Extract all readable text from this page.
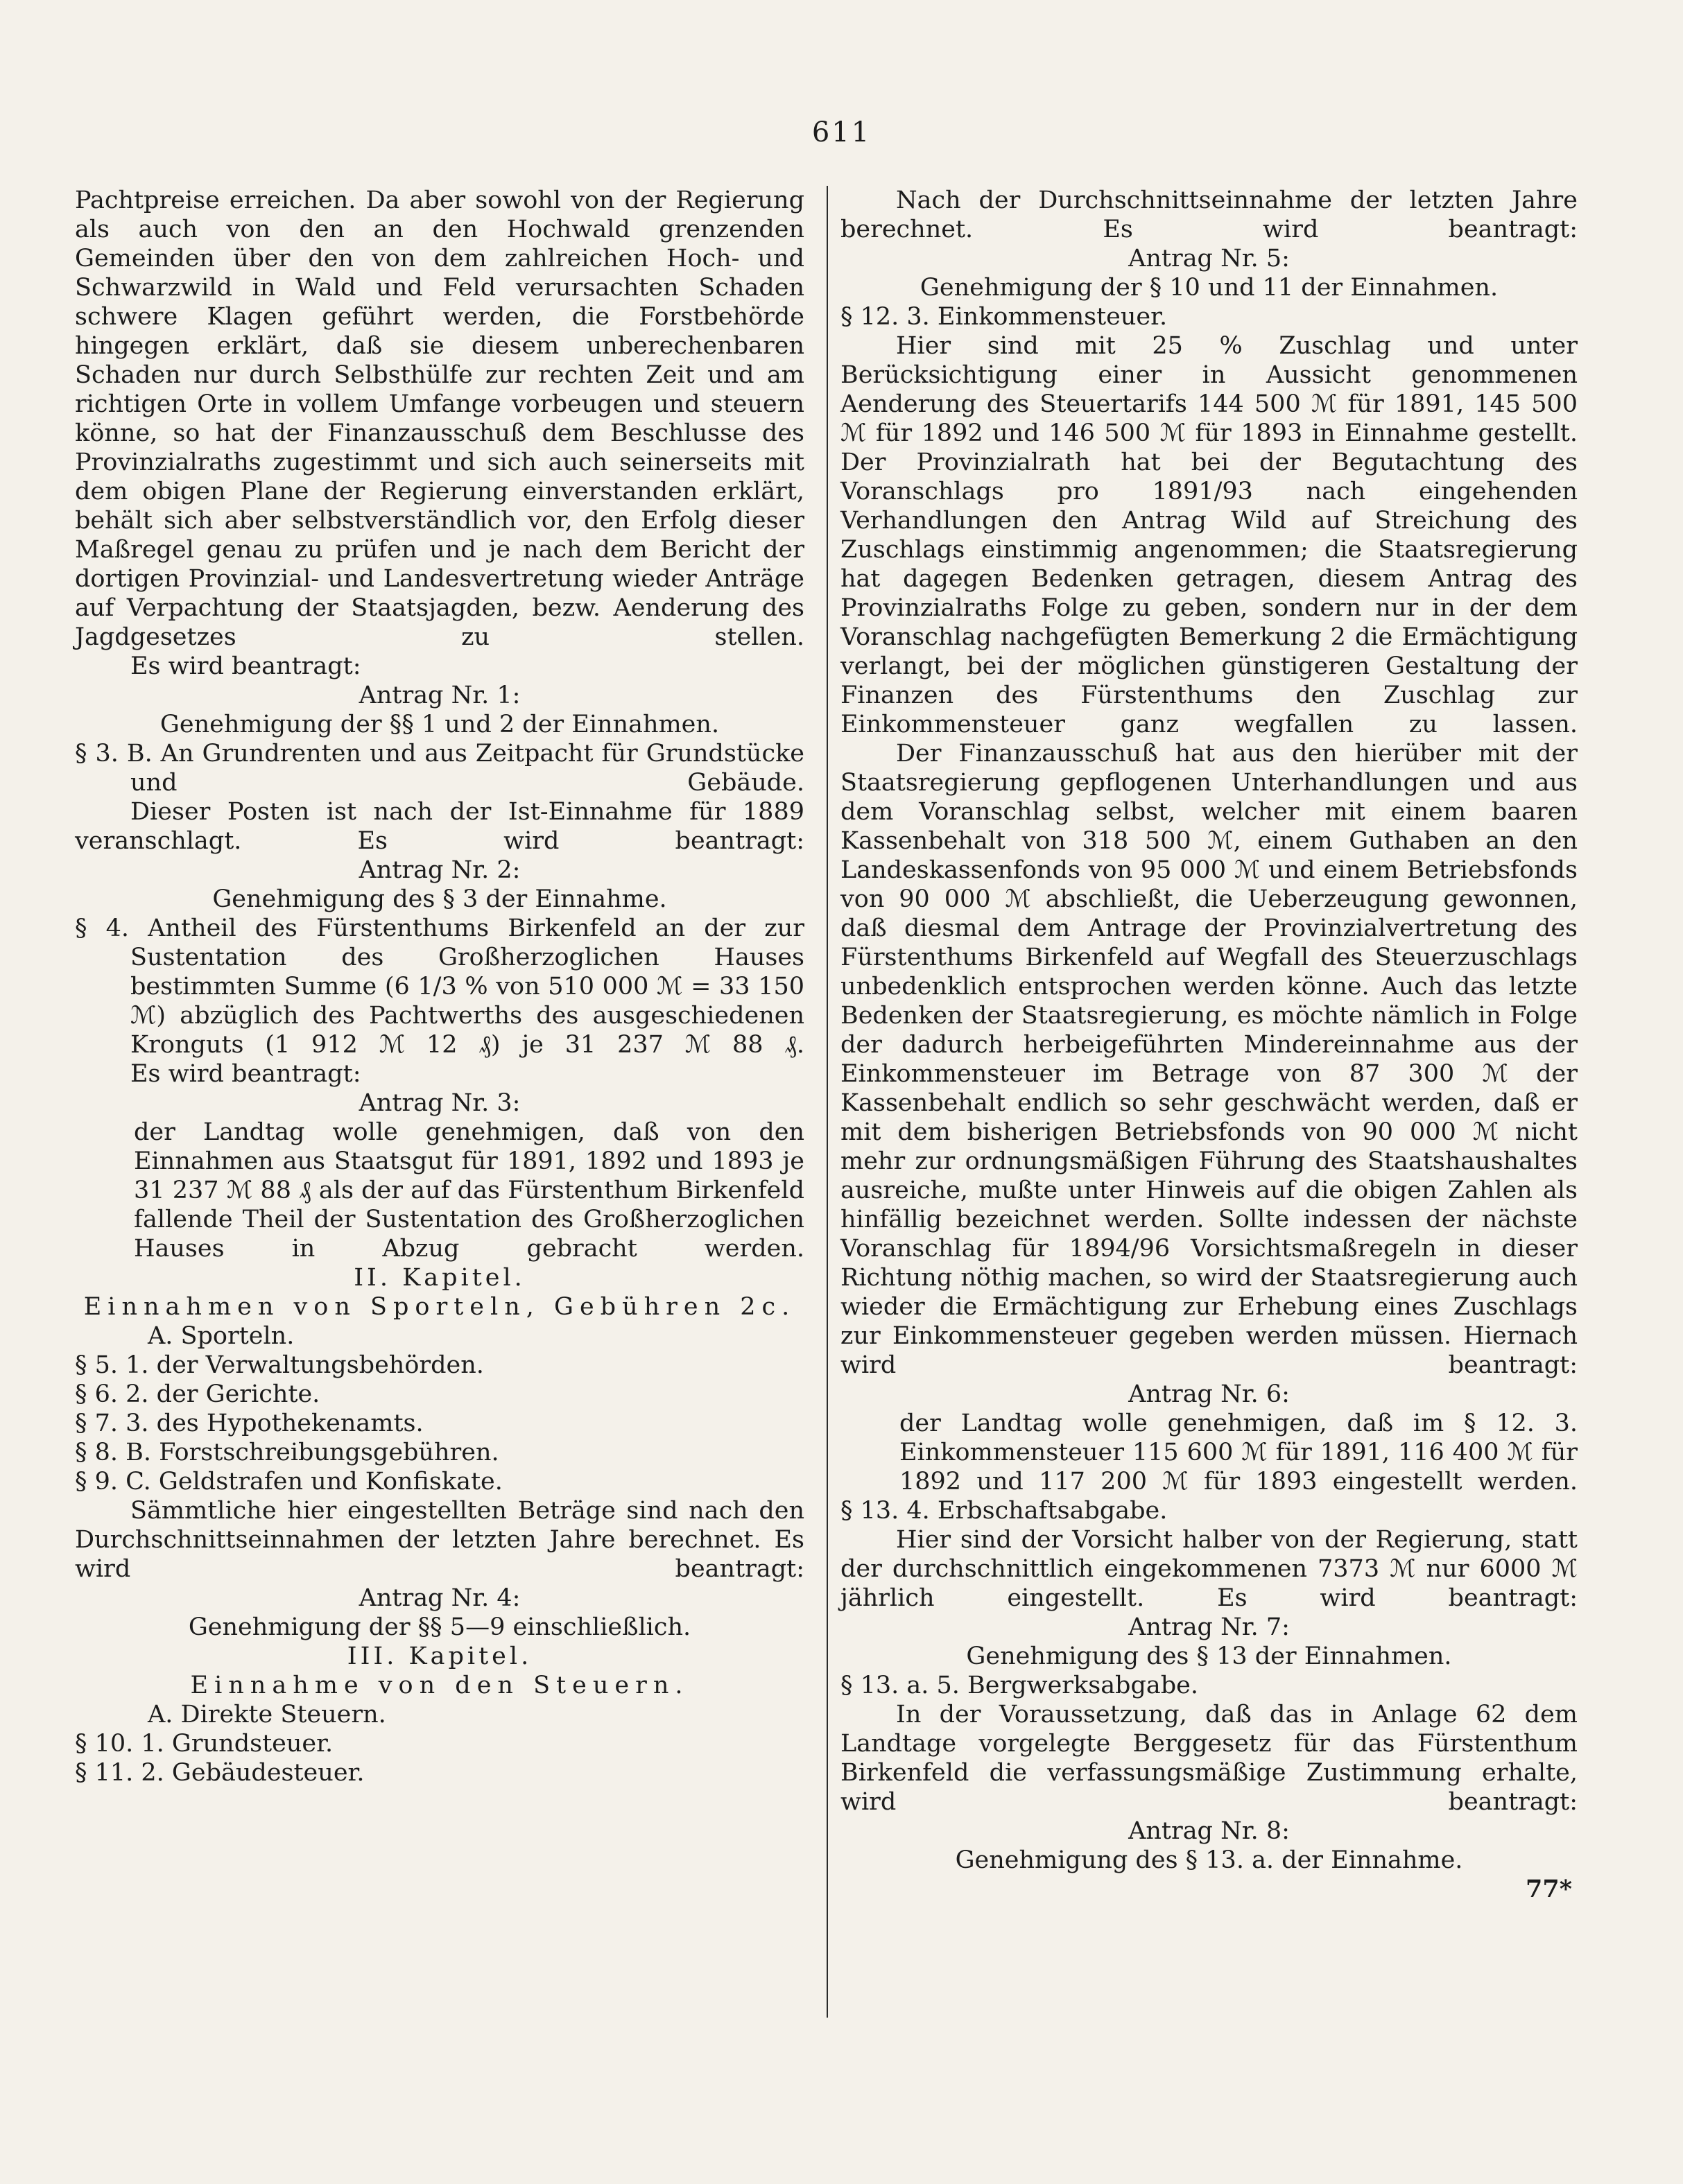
611

Pachtpreise erreichen. Da aber sowohl von der Regierung als auch von den an den Hochwald grenzenden Gemeinden über den von dem zahlreichen Hoch- und Schwarzwild in Wald und Feld verursachten Schaden schwere Klagen geführt werden, die Forstbehörde hingegen erklärt, daß sie diesem unberechenbaren Schaden nur durch Selbsthülfe zur rechten Zeit und am richtigen Orte in vollem Umfange vorbeugen und steuern könne, so hat der Finanzausschuß dem Beschlusse des Provinzialraths zugestimmt und sich auch seinerseits mit dem obigen Plane der Regierung einverstanden erklärt, behält sich aber selbstverständlich vor, den Erfolg dieser Maßregel genau zu prüfen und je nach dem Bericht der dortigen Provinzial- und Landesvertretung wieder Anträge auf Verpachtung der Staatsjagden, bezw. Aenderung des Jagdgesetzes zu stellen.

Es wird beantragt:

Antrag Nr. 1:

Genehmigung der §§ 1 und 2 der Einnahmen.

§ 3. B. An Grundrenten und aus Zeitpacht für Grundstücke und Gebäude.

Dieser Posten ist nach der Ist-Einnahme für 1889 veranschlagt. Es wird beantragt:

Antrag Nr. 2:

Genehmigung des § 3 der Einnahme.

§ 4. Antheil des Fürstenthums Birkenfeld an der zur Sustentation des Großherzoglichen Hauses bestimmten Summe (6 1/3 % von 510 000 ℳ = 33 150 ℳ) abzüglich des Pachtwerths des ausgeschiedenen Kronguts (1 912 ℳ 12 ₰) je 31 237 ℳ 88 ₰.

Es wird beantragt:

Antrag Nr. 3:

der Landtag wolle genehmigen, daß von den Einnahmen aus Staatsgut für 1891, 1892 und 1893 je 31 237 ℳ 88 ₰ als der auf das Fürstenthum Birkenfeld fallende Theil der Sustentation des Großherzoglichen Hauses in Abzug gebracht werden.

II. Kapitel.

Einnahmen von Sporteln, Gebühren 2c.

A. Sporteln.

§ 5. 1. der Verwaltungsbehörden.

§ 6. 2. der Gerichte.

§ 7. 3. des Hypothekenamts.

§ 8. B. Forstschreibungsgebühren.

§ 9. C. Geldstrafen und Konfiskate.

Sämmtliche hier eingestellten Beträge sind nach den Durchschnittseinnahmen der letzten Jahre berechnet. Es wird beantragt:

Antrag Nr. 4:

Genehmigung der §§ 5—9 einschließlich.

III. Kapitel.

Einnahme von den Steuern.

A. Direkte Steuern.

§ 10. 1. Grundsteuer.

§ 11. 2. Gebäudesteuer.

Nach der Durchschnittseinnahme der letzten Jahre berechnet. Es wird beantragt:

Antrag Nr. 5:

Genehmigung der § 10 und 11 der Einnahmen.

§ 12. 3. Einkommensteuer.

Hier sind mit 25 % Zuschlag und unter Berücksichtigung einer in Aussicht genommenen Aenderung des Steuertarifs 144 500 ℳ für 1891, 145 500 ℳ für 1892 und 146 500 ℳ für 1893 in Einnahme gestellt. Der Provinzialrath hat bei der Begutachtung des Voranschlags pro 1891/93 nach eingehenden Verhandlungen den Antrag Wild auf Streichung des Zuschlags einstimmig angenommen; die Staatsregierung hat dagegen Bedenken getragen, diesem Antrag des Provinzialraths Folge zu geben, sondern nur in der dem Voranschlag nachgefügten Bemerkung 2 die Ermächtigung verlangt, bei der möglichen günstigeren Gestaltung der Finanzen des Fürstenthums den Zuschlag zur Einkommensteuer ganz wegfallen zu lassen.

Der Finanzausschuß hat aus den hierüber mit der Staatsregierung gepflogenen Unterhandlungen und aus dem Voranschlag selbst, welcher mit einem baaren Kassenbehalt von 318 500 ℳ, einem Guthaben an den Landeskassenfonds von 95 000 ℳ und einem Betriebsfonds von 90 000 ℳ abschließt, die Ueberzeugung gewonnen, daß diesmal dem Antrage der Provinzialvertretung des Fürstenthums Birkenfeld auf Wegfall des Steuerzuschlags unbedenklich entsprochen werden könne. Auch das letzte Bedenken der Staatsregierung, es möchte nämlich in Folge der dadurch herbeigeführten Mindereinnahme aus der Einkommensteuer im Betrage von 87 300 ℳ der Kassenbehalt endlich so sehr geschwächt werden, daß er mit dem bisherigen Betriebsfonds von 90 000 ℳ nicht mehr zur ordnungsmäßigen Führung des Staatshaushaltes ausreiche, mußte unter Hinweis auf die obigen Zahlen als hinfällig bezeichnet werden. Sollte indessen der nächste Voranschlag für 1894/96 Vorsichtsmaßregeln in dieser Richtung nöthig machen, so wird der Staatsregierung auch wieder die Ermächtigung zur Erhebung eines Zuschlags zur Einkommensteuer gegeben werden müssen. Hiernach wird beantragt:

Antrag Nr. 6:

der Landtag wolle genehmigen, daß im § 12. 3. Einkommensteuer 115 600 ℳ für 1891, 116 400 ℳ für 1892 und 117 200 ℳ für 1893 eingestellt werden.

§ 13. 4. Erbschaftsabgabe.

Hier sind der Vorsicht halber von der Regierung, statt der durchschnittlich eingekommenen 7373 ℳ nur 6000 ℳ jährlich eingestellt. Es wird beantragt:

Antrag Nr. 7:

Genehmigung des § 13 der Einnahmen.

§ 13. a. 5. Bergwerksabgabe.

In der Voraussetzung, daß das in Anlage 62 dem Landtage vorgelegte Berggesetz für das Fürstenthum Birkenfeld die verfassungsmäßige Zustimmung erhalte, wird beantragt:

Antrag Nr. 8:

Genehmigung des § 13. a. der Einnahme.

77*
